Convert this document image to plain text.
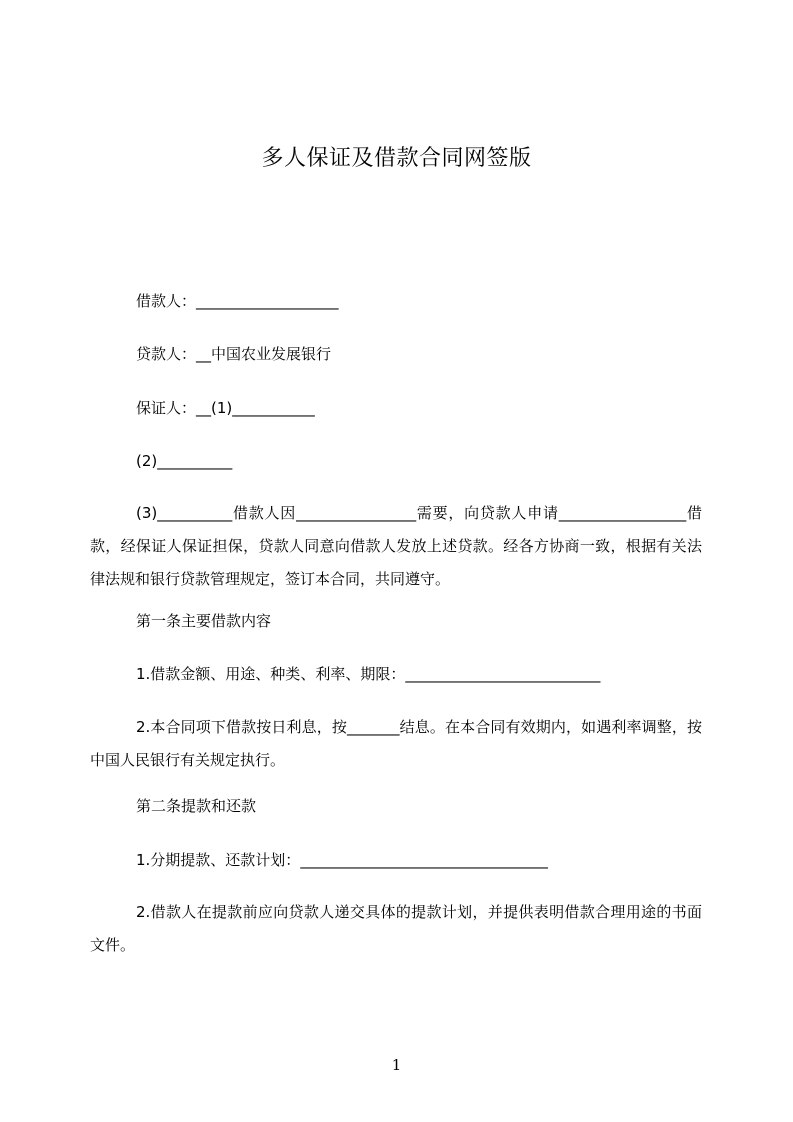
多人保证及借款合同网签版
借款人：___________________
贷款人：__中国农业发展银行
保证人：__(1)___________
(2)__________
(3)__________借款人因________________需要，向贷款人申请_________________借款，经保证人保证担保，贷款人同意向借款人发放上述贷款。经各方协商一致，根据有关法律法规和银行贷款管理规定，签订本合同，共同遵守。
第一条主要借款内容
1.借款金额、用途、种类、利率、期限：__________________________
2.本合同项下借款按日利息，按_______结息。在本合同有效期内，如遇利率调整，按中国人民银行有关规定执行。
第二条提款和还款
1.分期提款、还款计划：_________________________________
2.借款人在提款前应向贷款人递交具体的提款计划，并提供表明借款合理用途的书面文件。
1
